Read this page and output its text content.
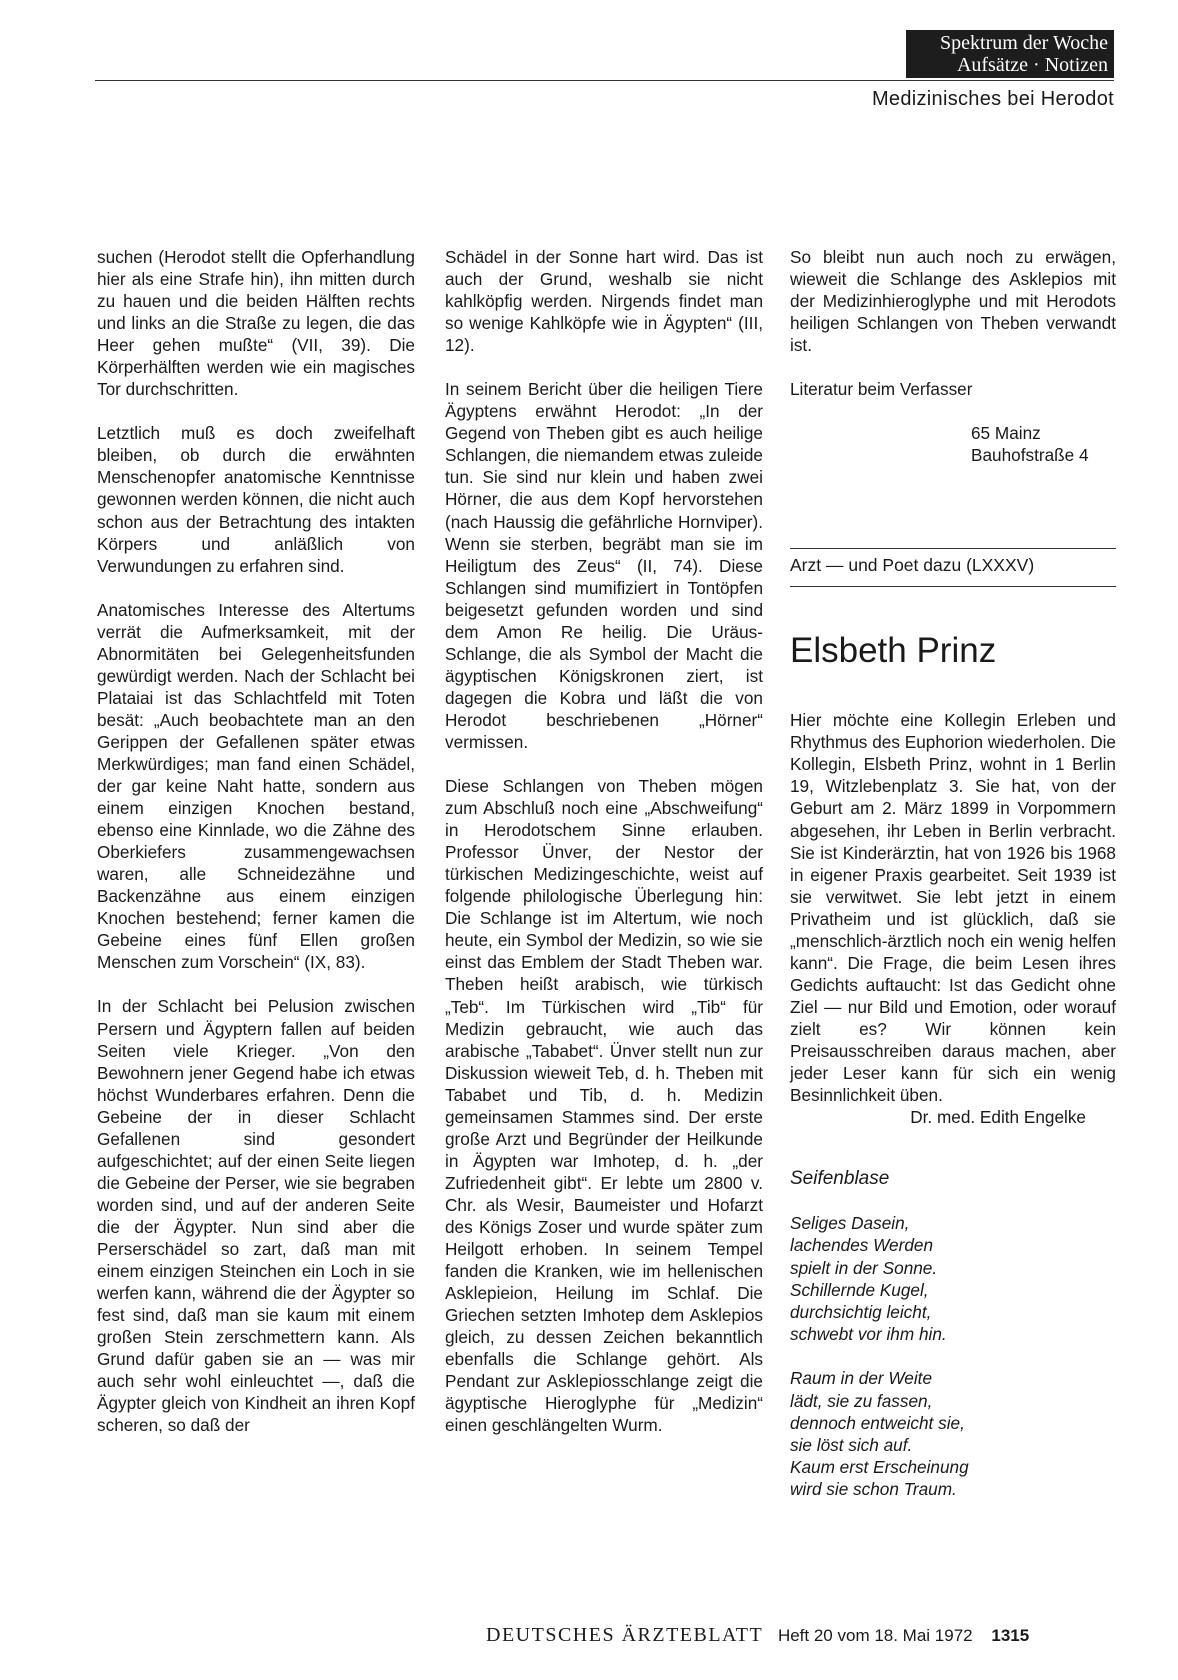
Spektrum der Woche
Aufsätze · Notizen
Medizinisches bei Herodot

suchen (Herodot stellt die Opferhandlung hier als eine Strafe hin), ihn mitten durch zu hauen und die beiden Hälften rechts und links an die Straße zu legen, die das Heer gehen mußte“ (VII, 39). Die Körperhälften werden wie ein magisches Tor durchschritten.

Letztlich muß es doch zweifelhaft bleiben, ob durch die erwähnten Menschenopfer anatomische Kenntnisse gewonnen werden können, die nicht auch schon aus der Betrachtung des intakten Körpers und anläßlich von Verwundungen zu erfahren sind.

Anatomisches Interesse des Altertums verrät die Aufmerksamkeit, mit der Abnormitäten bei Gelegenheitsfunden gewürdigt werden. Nach der Schlacht bei Plataiai ist das Schlachtfeld mit Toten besät: „Auch beobachtete man an den Gerippen der Gefallenen später etwas Merkwürdiges; man fand einen Schädel, der gar keine Naht hatte, sondern aus einem einzigen Knochen bestand, ebenso eine Kinnlade, wo die Zähne des Oberkiefers zusammengewachsen waren, alle Schneidezähne und Backenzähne aus einem einzigen Knochen bestehend; ferner kamen die Gebeine eines fünf Ellen großen Menschen zum Vorschein“ (IX, 83).

In der Schlacht bei Pelusion zwischen Persern und Ägyptern fallen auf beiden Seiten viele Krieger. „Von den Bewohnern jener Gegend habe ich etwas höchst Wunderbares erfahren. Denn die Gebeine der in dieser Schlacht Gefallenen sind gesondert aufgeschichtet; auf der einen Seite liegen die Gebeine der Perser, wie sie begraben worden sind, und auf der anderen Seite die der Ägypter. Nun sind aber die Perserschädel so zart, daß man mit einem einzigen Steinchen ein Loch in sie werfen kann, während die der Ägypter so fest sind, daß man sie kaum mit einem großen Stein zerschmettern kann. Als Grund dafür gaben sie an — was mir auch sehr wohl einleuchtet —, daß die Ägypter gleich von Kindheit an ihren Kopf scheren, so daß der

Schädel in der Sonne hart wird. Das ist auch der Grund, weshalb sie nicht kahlköpfig werden. Nirgends findet man so wenige Kahlköpfe wie in Ägypten“ (III, 12).

In seinem Bericht über die heiligen Tiere Ägyptens erwähnt Herodot: „In der Gegend von Theben gibt es auch heilige Schlangen, die niemandem etwas zuleide tun. Sie sind nur klein und haben zwei Hörner, die aus dem Kopf hervorstehen (nach Haussig die gefährliche Hornviper). Wenn sie sterben, begräbt man sie im Heiligtum des Zeus“ (II, 74). Diese Schlangen sind mumifiziert in Tontöpfen beigesetzt gefunden worden und sind dem Amon Re heilig. Die Uräus-Schlange, die als Symbol der Macht die ägyptischen Königskronen ziert, ist dagegen die Kobra und läßt die von Herodot beschriebenen „Hörner“ vermissen.

Diese Schlangen von Theben mögen zum Abschluß noch eine „Abschweifung“ in Herodotschem Sinne erlauben. Professor Ünver, der Nestor der türkischen Medizingeschichte, weist auf folgende philologische Überlegung hin: Die Schlange ist im Altertum, wie noch heute, ein Symbol der Medizin, so wie sie einst das Emblem der Stadt Theben war. Theben heißt arabisch, wie türkisch „Teb“. Im Türkischen wird „Tib“ für Medizin gebraucht, wie auch das arabische „Tababet“. Ünver stellt nun zur Diskussion wieweit Teb, d. h. Theben mit Tababet und Tib, d. h. Medizin gemeinsamen Stammes sind. Der erste große Arzt und Begründer der Heilkunde in Ägypten war Imhotep, d. h. „der Zufriedenheit gibt“. Er lebte um 2800 v. Chr. als Wesir, Baumeister und Hofarzt des Königs Zoser und wurde später zum Heilgott erhoben. In seinem Tempel fanden die Kranken, wie im hellenischen Asklepieion, Heilung im Schlaf. Die Griechen setzten Imhotep dem Asklepios gleich, zu dessen Zeichen bekanntlich ebenfalls die Schlange gehört. Als Pendant zur Asklepiosschlange zeigt die ägyptische Hieroglyphe für „Medizin“ einen geschlängelten Wurm.

So bleibt nun auch noch zu erwägen, wieweit die Schlange des Asklepios mit der Medizinhieroglyphe und mit Herodots heiligen Schlangen von Theben verwandt ist.

Literatur beim Verfasser

65 Mainz
Bauhofstraße 4
Arzt — und Poet dazu (LXXXV)
Elsbeth Prinz

Hier möchte eine Kollegin Erleben und Rhythmus des Euphorion wiederholen. Die Kollegin, Elsbeth Prinz, wohnt in 1 Berlin 19, Witzlebenplatz 3. Sie hat, von der Geburt am 2. März 1899 in Vorpommern abgesehen, ihr Leben in Berlin verbracht. Sie ist Kinderärztin, hat von 1926 bis 1968 in eigener Praxis gearbeitet. Seit 1939 ist sie verwitwet. Sie lebt jetzt in einem Privatheim und ist glücklich, daß sie „menschlich-ärztlich noch ein wenig helfen kann“. Die Frage, die beim Lesen ihres Gedichts auftaucht: Ist das Gedicht ohne Ziel — nur Bild und Emotion, oder worauf zielt es? Wir können kein Preisausschreiben daraus machen, aber jeder Leser kann für sich ein wenig Besinnlichkeit üben.

Dr. med. Edith Engelke
Seifenblase
Seliges Dasein,
lachendes Werden
spielt in der Sonne.
Schillernde Kugel,
durchsichtig leicht,
schwebt vor ihm hin.
Raum in der Weite
lädt, sie zu fassen,
dennoch entweicht sie,
sie löst sich auf.
Kaum erst Erscheinung
wird sie schon Traum.
DEUTSCHES ÄRZTEBLATT Heft 20 vom 18. Mai 1972 1315
